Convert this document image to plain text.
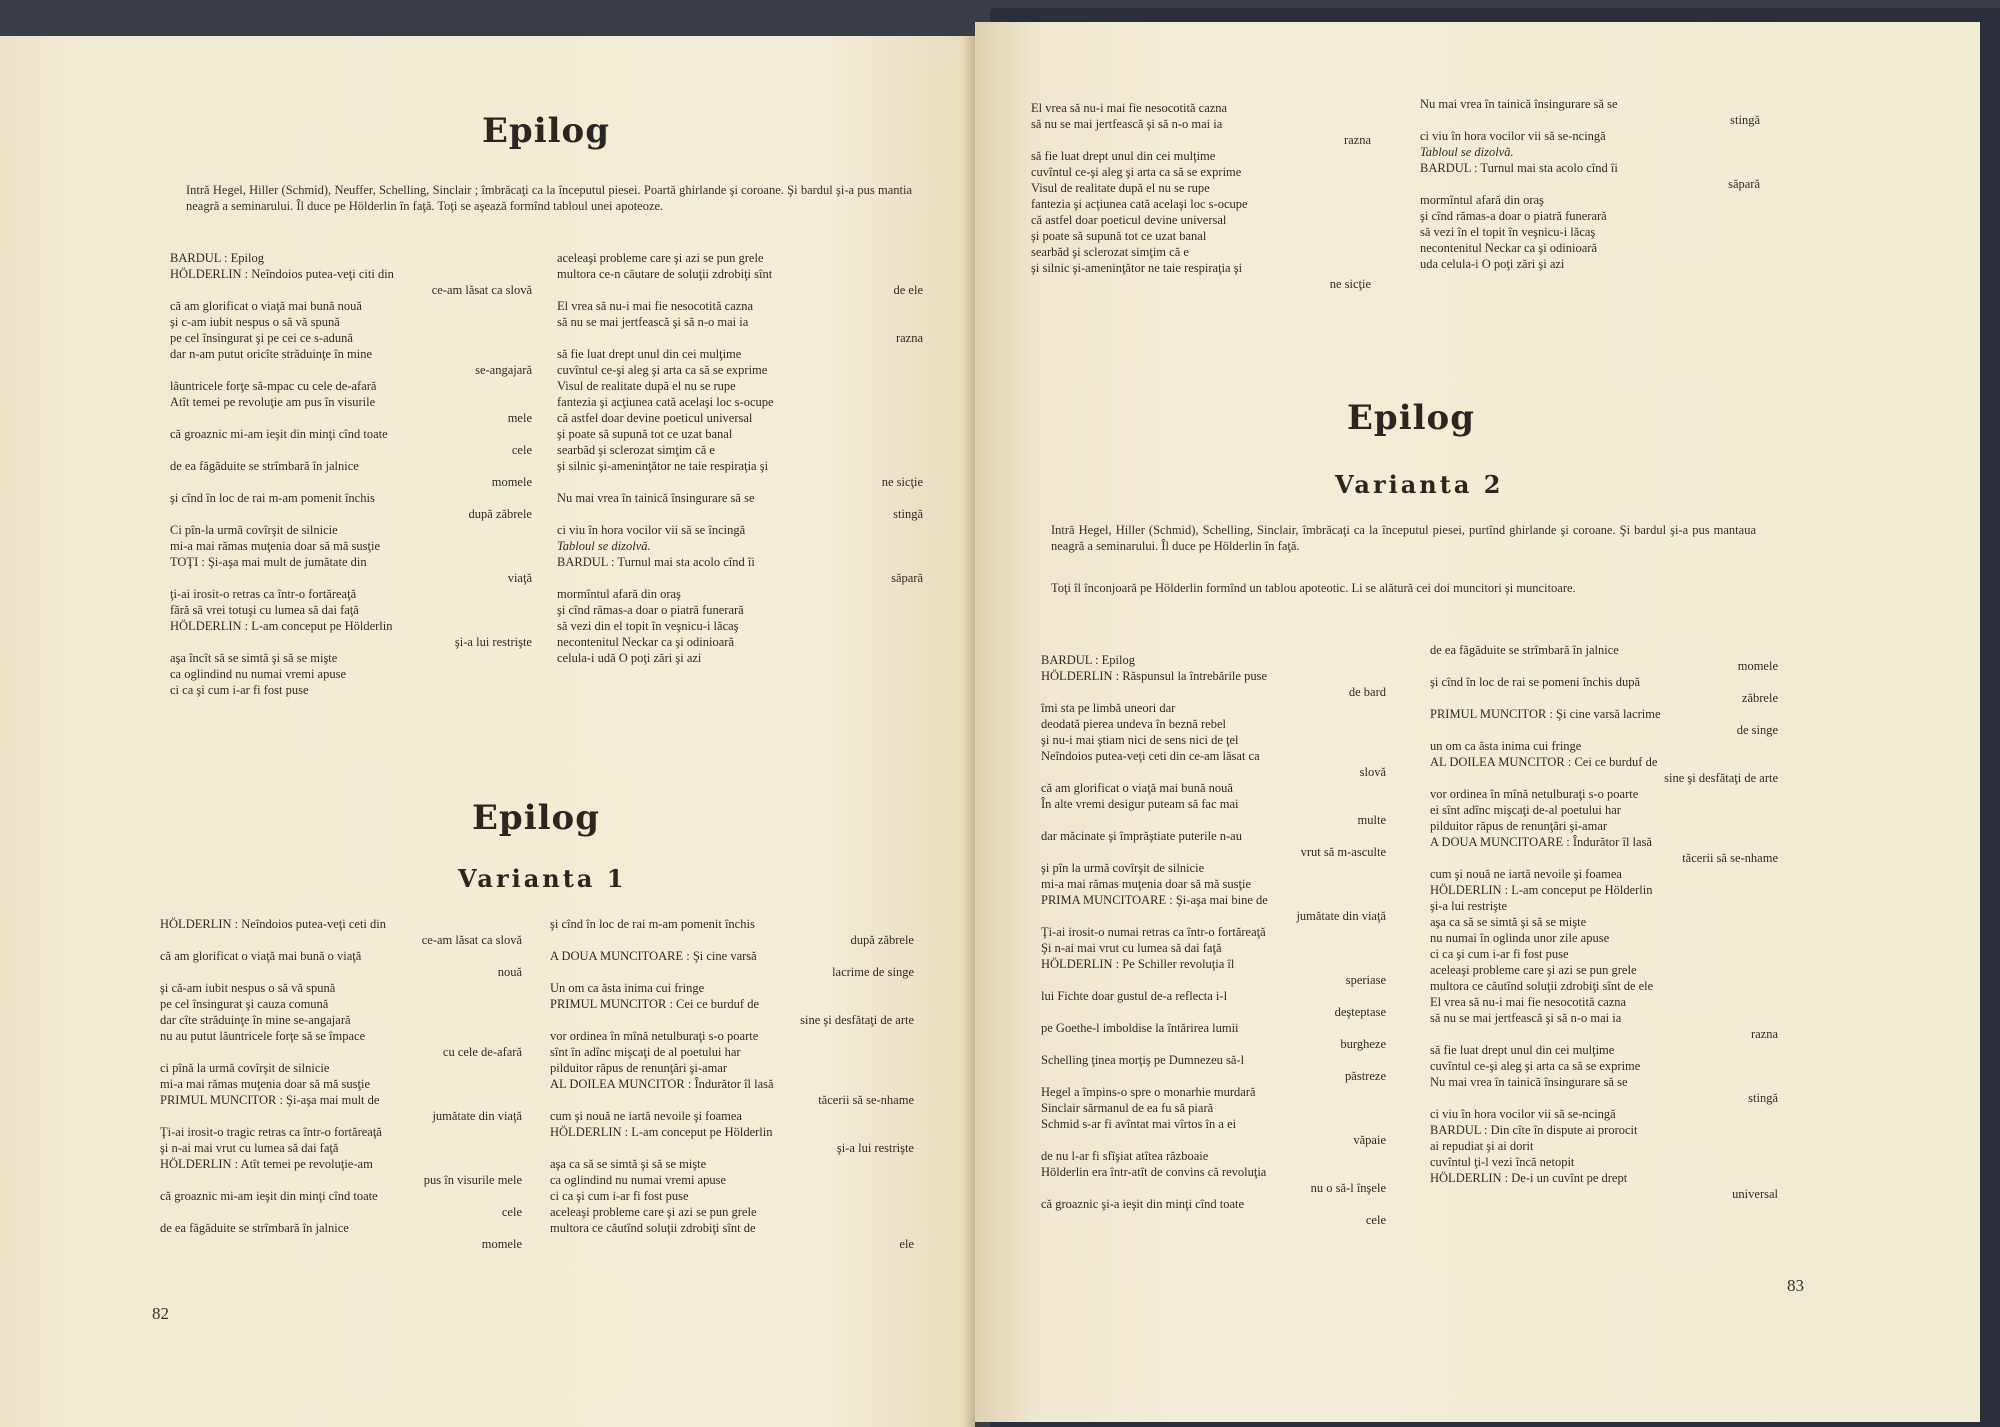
Epilog
Intră Hegel, Hiller (Schmid), Neuffer, Schelling, Sinclair ; îmbrăcaţi ca la începutul piesei. Poartă ghirlande şi coroane. Şi bardul şi-a pus mantia neagră a seminarului. Îl duce pe Hölderlin în faţă. Toţi se aşează formînd tabloul unei apoteoze.
BARDUL : Epilog
HÖLDERLIN : Neîndoios putea-veţi citi din
ce-am lăsat ca slovă
că am glorificat o viaţă mai bună nouă
şi c-am iubit nespus o să vă spună
pe cel însingurat şi pe cei ce s-adună
dar n-am putut oricîte străduinţe în mine
se-angajară
lăuntricele forţe să-mpac cu cele de-afară
Atît temei pe revoluţie am pus în visurile
mele
că groaznic mi-am ieşit din minţi cînd toate
cele
de ea făgăduite se strîmbară în jalnice
momele
şi cînd în loc de rai m-am pomenit închis
după zăbrele
Ci pîn-la urmă covîrşit de silnicie
mi-a mai rămas muţenia doar să mă susţie
TOŢI : Şi-aşa mai mult de jumătate din
viaţă
ţi-ai irosit-o retras ca într-o fortăreaţă
fără să vrei totuşi cu lumea să dai faţă
HÖLDERLIN : L-am conceput pe Hölderlin
şi-a lui restrişte
aşa încît să se simtă şi să se mişte
ca oglindind nu numai vremi apuse
ci ca şi cum i-ar fi fost puse
aceleaşi probleme care şi azi se pun grele
multora ce-n căutare de soluţii zdrobiţi sînt
de ele
El vrea să nu-i mai fie nesocotită cazna
să nu se mai jertfească şi să n-o mai ia
razna
să fie luat drept unul din cei mulţime
cuvîntul ce-şi aleg şi arta ca să se exprime
Visul de realitate după el nu se rupe
fantezia şi acţiunea cată acelaşi loc s-ocupe
că astfel doar devine poeticul universal
şi poate să supună tot ce uzat banal
searbăd şi sclerozat simţim că e
şi silnic şi-ameninţător ne taie respiraţia şi
ne sicţie
Nu mai vrea în tainică însingurare să se
stingă
ci viu în hora vocilor vii să se încingă
Tabloul se dizolvă.
BARDUL : Turnul mai sta acolo cînd îi
săpară
mormîntul afară din oraş
şi cînd rămas-a doar o piatră funerară
să vezi din el topit în veşnicu-i lăcaş
necontenitul Neckar ca şi odinioară
celula-i udă O poţi zări şi azi
Epilog
Varianta 1
HÖLDERLIN : Neîndoios putea-veţi ceti din
ce-am lăsat ca slovă
că am glorificat o viaţă mai bună o viaţă
nouă
şi că-am iubit nespus o să vă spună
pe cel însingurat şi cauza comună
dar cîte străduinţe în mine se-angajară
nu au putut lăuntricele forţe să se împace
cu cele de-afară
ci pînă la urmă covîrşit de silnicie
mi-a mai rămas muţenia doar să mă susţie
PRIMUL MUNCITOR : Şi-aşa mai mult de
jumătate din viaţă
Ţi-ai irosit-o tragic retras ca într-o fortăreaţă
şi n-ai mai vrut cu lumea să dai faţă
HÖLDERLIN : Atît temei pe revoluţie-am
pus în visurile mele
că groaznic mi-am ieşit din minţi cînd toate
cele
de ea făgăduite se strîmbară în jalnice
momele
şi cînd în loc de rai m-am pomenit închis
după zăbrele
A DOUA MUNCITOARE : Şi cine varsă
lacrime de singe
Un om ca ăsta inima cui fringe
PRIMUL MUNCITOR : Cei ce burduf de
sine şi desfătaţi de arte
vor ordinea în mînă netulburaţi s-o poarte
sînt în adînc mişcaţi de al poetului har
pilduitor răpus de renunţări şi-amar
AL DOILEA MUNCITOR : Îndurător îl lasă
tăcerii să se-nhame
cum şi nouă ne iartă nevoile şi foamea
HÖLDERLIN : L-am conceput pe Hölderlin
şi-a lui restrişte
aşa ca să se simtă şi să se mişte
ca oglindind nu numai vremi apuse
ci ca şi cum i-ar fi fost puse
aceleaşi probleme care şi azi se pun grele
multora ce căutînd soluţii zdrobiţi sînt de
ele
82
El vrea să nu-i mai fie nesocotită cazna
să nu se mai jertfească şi să n-o mai ia
razna
să fie luat drept unul din cei mulţime
cuvîntul ce-şi aleg şi arta ca să se exprime
Visul de realitate după el nu se rupe
fantezia şi acţiunea cată acelaşi loc s-ocupe
că astfel doar poeticul devine universal
şi poate să supună tot ce uzat banal
searbăd şi sclerozat simţim că e
şi silnic şi-ameninţător ne taie respiraţia şi
ne sicţie
Nu mai vrea în tainică însingurare să se
stingă
ci viu în hora vocilor vii să se-ncingă
Tabloul se dizolvă.
BARDUL : Turnul mai sta acolo cînd îi
săpară
mormîntul afară din oraş
şi cînd rămas-a doar o piatră funerară
să vezi în el topit în veşnicu-i lăcaş
necontenitul Neckar ca şi odinioară
uda celula-i O poţi zări şi azi
Epilog
Varianta 2
Intră Hegel, Hiller (Schmid), Schelling, Sinclair, îmbrăcaţi ca la începutul piesei, purtînd ghirlande şi coroane. Şi bardul şi-a pus mantaua neagră a seminarului. Îl duce pe Hölderlin în faţă.
Toţi îl înconjoară pe Hölderlin formînd un tablou apoteotic. Li se alătură cei doi muncitori şi muncitoare.
BARDUL : Epilog
HÖLDERLIN : Răspunsul la întrebările puse
de bard
îmi sta pe limbă uneori dar
deodată pierea undeva în beznă rebel
şi nu-i mai ştiam nici de sens nici de ţel
Neîndoios putea-veţi ceti din ce-am lăsat ca
slovă
că am glorificat o viaţă mai bună nouă
În alte vremi desigur puteam să fac mai
multe
dar măcinate şi împrăştiate puterile n-au
vrut să m-asculte
şi pîn la urmă covîrşit de silnicie
mi-a mai rămas muţenia doar să mă susţie
PRIMA MUNCITOARE : Şi-aşa mai bine de
jumătate din viaţă
Ţi-ai irosit-o numai retras ca într-o fortăreaţă
Şi n-ai mai vrut cu lumea să dai faţă
HÖLDERLIN : Pe Schiller revoluţia îl
speriase
lui Fichte doar gustul de-a reflecta i-l
deşteptase
pe Goethe-l imboldise la întărirea lumii
burgheze
Schelling ţinea morţiş pe Dumnezeu să-l
păstreze
Hegel a împins-o spre o monarhie murdară
Sinclair sărmanul de ea fu să piară
Schmid s-ar fi avîntat mai vîrtos în a ei
văpaie
de nu l-ar fi sfîşiat atîtea războaie
Hölderlin era într-atît de convins că revoluţia
nu o să-l înşele
că groaznic şi-a ieşit din minţi cînd toate
cele
de ea făgăduite se strîmbară în jalnice
momele
şi cînd în loc de rai se pomeni închis după
zăbrele
PRIMUL MUNCITOR : Şi cine varsă lacrime
de singe
un om ca ăsta inima cui fringe
AL DOILEA MUNCITOR : Cei ce burduf de
sine şi desfătaţi de arte
vor ordinea în mînă netulburaţi s-o poarte
ei sînt adînc mişcaţi de-al poetului har
pilduitor răpus de renunţări şi-amar
A DOUA MUNCITOARE : Îndurător îl lasă
tăcerii să se-nhame
cum şi nouă ne iartă nevoile şi foamea
HÖLDERLIN : L-am conceput pe Hölderlin
şi-a lui restrişte
aşa ca să se simtă şi să se mişte
nu numai în oglinda unor zile apuse
ci ca şi cum i-ar fi fost puse
aceleaşi probleme care şi azi se pun grele
multora ce căutînd soluţii zdrobiţi sînt de ele
El vrea să nu-i mai fie nesocotită cazna
să nu se mai jertfească şi să n-o mai ia
razna
să fie luat drept unul din cei mulţime
cuvîntul ce-şi aleg şi arta ca să se exprime
Nu mai vrea în tainică însingurare să se
stingă
ci viu în hora vocilor vii să se-ncingă
BARDUL : Din cîte în dispute ai prorocit
ai repudiat şi ai dorit
cuvîntul ţi-l vezi încă netopit
HÖLDERLIN : De-i un cuvînt pe drept
universal
83
